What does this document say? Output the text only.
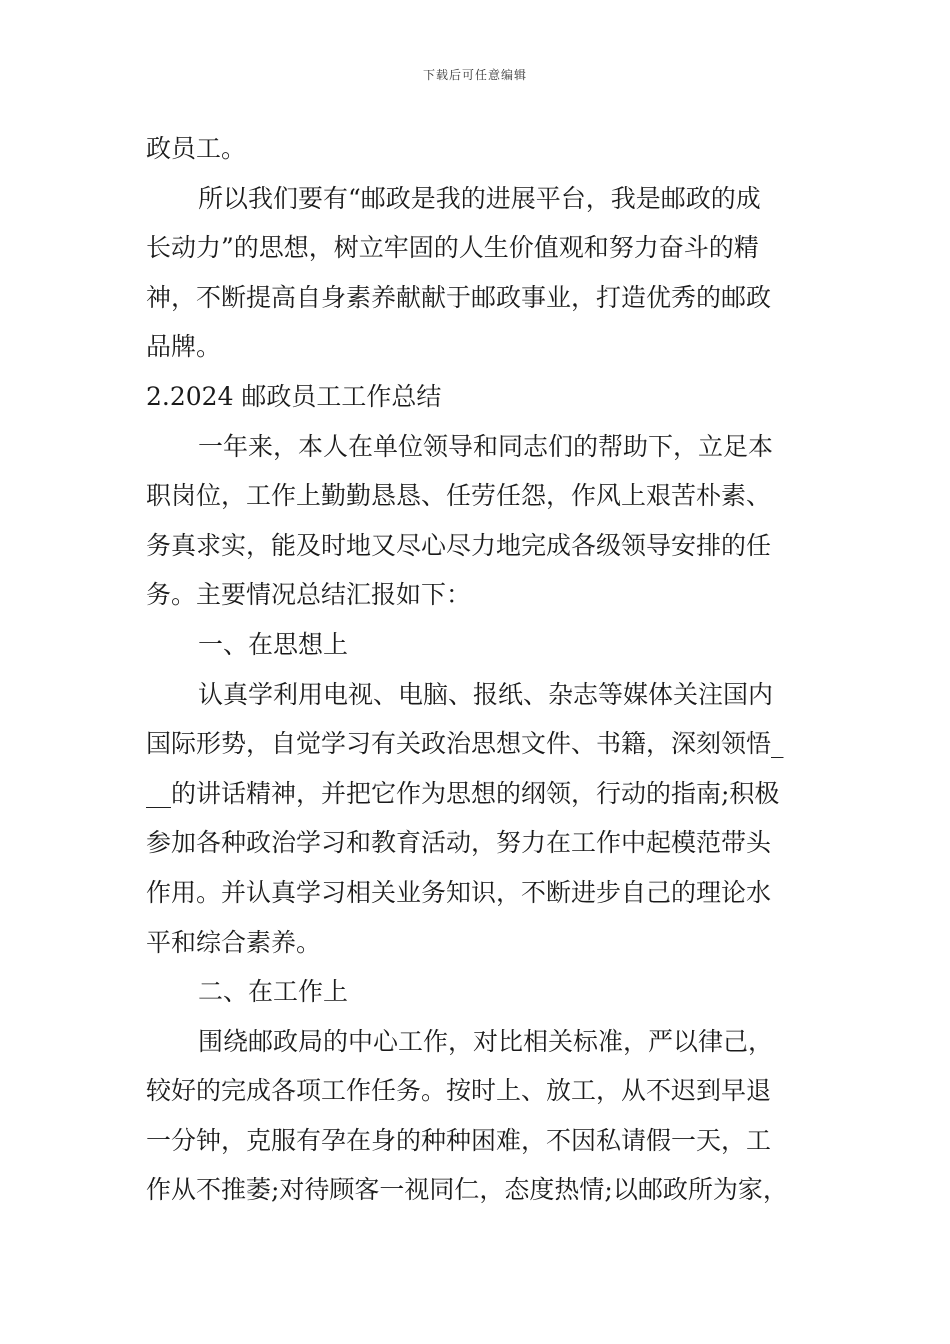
下载后可任意编辑
政员工。
所以我们要有“邮政是我的进展平台，我是邮政的成
长动力”的思想，树立牢固的人生价值观和努力奋斗的精
神，不断提高自身素养献献于邮政事业，打造优秀的邮政
品牌。
2.2024 邮政员工工作总结
一年来，本人在单位领导和同志们的帮助下，立足本
职岗位，工作上勤勤恳恳、任劳任怨，作风上艰苦朴素、
务真求实，能及时地又尽心尽力地完成各级领导安排的任
务。主要情况总结汇报如下：
一、在思想上
认真学利用电视、电脑、报纸、杂志等媒体关注国内
国际形势，自觉学习有关政治思想文件、书籍，深刻领悟_
__的讲话精神，并把它作为思想的纲领，行动的指南;积极
参加各种政治学习和教育活动，努力在工作中起模范带头
作用。并认真学习相关业务知识，不断进步自己的理论水
平和综合素养。
二、在工作上
围绕邮政局的中心工作，对比相关标准，严以律己，
较好的完成各项工作任务。按时上、放工，从不迟到早退
一分钟，克服有孕在身的种种困难，不因私请假一天，工
作从不推萎;对待顾客一视同仁，态度热情;以邮政所为家，
